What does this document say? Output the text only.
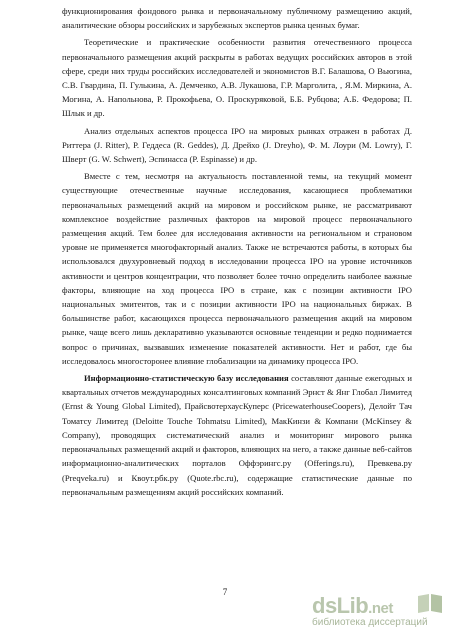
функционирования фондового рынка и первоначальному публичному размещению акций, аналитические обзоры российских и зарубежных экспертов рынка ценных бумаг.

Теоретические и практические особенности развития отечественного процесса первоначального размещения акций раскрыты в работах ведущих российских авторов в этой сфере, среди них труды российских исследователей и экономистов В.Г. Балашова, О Вьюгина, С.В. Гвардина, П. Гулькина, А. Демченко, А.В. Лукашова, Г.Р. Марголита, , Я.М. Миркина, А. Могина, А. Напольнова, Р. Прокофьева, О. Проскуряковой, Б.Б. Рубцова; А.Б. Федорова; П. Шлык и др.

Анализ отдельных аспектов процесса IPO на мировых рынках отражен в работах Д. Риттера (J. Ritter), Р. Геддеса (R. Geddes), Д. Дрейхо (J. Dreyho), Ф. М. Лоури (M. Lowry), Г. Шверт (G. W. Schwert), Эспинасса (P. Espinasse) и др.

Вместе с тем, несмотря на актуальность поставленной темы, на текущий момент существующие отечественные научные исследования, касающиеся проблематики первоначальных размещений акций на мировом и российском рынке, не рассматривают комплексное воздействие различных факторов на мировой процесс первоначального размещения акций. Тем более для исследования активности на региональном и страновом уровне не применяется многофакторный анализ. Также не встречаются работы, в которых бы использовался двухуровневый подход в исследовании процесса IPO на уровне источников активности и центров концентрации, что позволяет более точно определить наиболее важные факторы, влияющие на ход процесса IPO в стране, как с позиции активности IPO национальных эмитентов, так и с позиции активности IPO на национальных биржах. В большинстве работ, касающихся процесса первоначального размещения акций на мировом рынке, чаще всего лишь декларативно указываются основные тенденции и редко поднимается вопрос о причинах, вызвавших изменение показателей активности. Нет и работ, где бы исследовалось многосторонее влияние глобализации на динамику процесса IPO.

Информационно-статистическую базу исследования составляют данные ежегодных и квартальных отчетов международных консалтинговых компаний Эрнст & Янг Глобал Лимитед (Ernst & Young Global Limited), ПрайсвотерхаусКуперс (PricewaterhouseCoopers), Делойт Тач Томатсу Лимитед (Deloitte Touche Tohmatsu Limited), МакКинзи & Компани (McKinsey & Company), проводящих систематический анализ и мониторинг мирового рынка первоначальных размещений акций и факторов, влияющих на него, а также данные веб-сайтов информационно-аналитических порталов Оффэрингс.ру (Offerings.ru), Превкева.ру (Preqveka.ru) и Квоут.рбк.ру (Quote.rbc.ru), содержащие статистические данные по первоначальным размещениям акций российских компаний.

7
dsLib.net
библиотека диссертаций
